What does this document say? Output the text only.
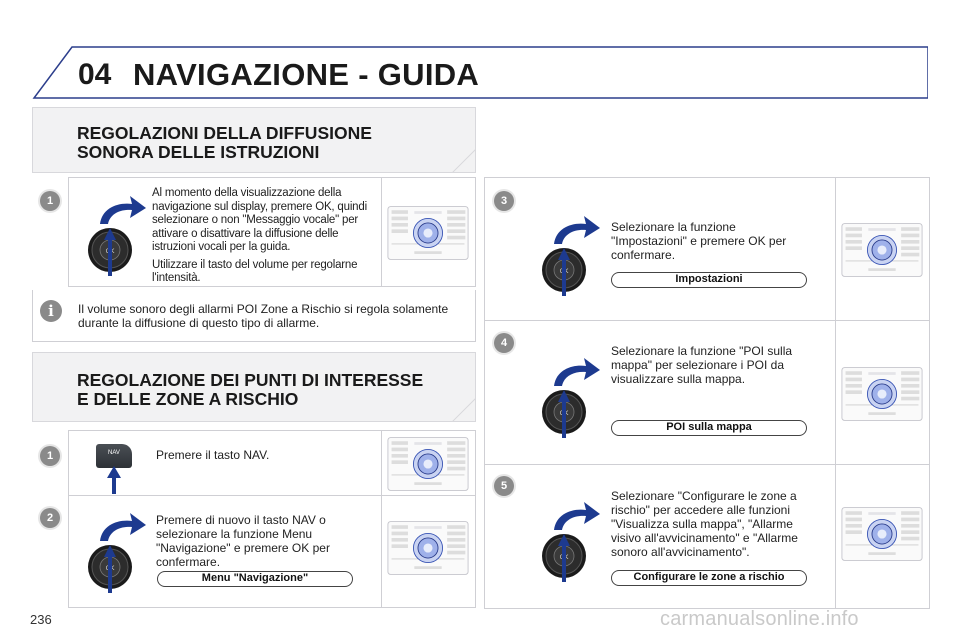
04 NAVIGAZIONE - GUIDA
REGOLAZIONI DELLA DIFFUSIONE
SONORA DELLE ISTRUZIONI
1
Al momento della visualizzazione della navigazione sul display, premere OK, quindi selezionare o non "Messaggio vocale" per attivare o disattivare la diffusione delle istruzioni vocali per la guida.
Utilizzare il tasto del volume per regolarne l'intensità.
i	Il volume sonoro degli allarmi POI Zone a Rischio si regola solamente durante la diffusione di questo tipo di allarme.
REGOLAZIONE DEI PUNTI DI INTERESSE
E DELLE ZONE A RISCHIO
1	NAV	Premere il tasto NAV.
2	Premere di nuovo il tasto NAV o selezionare la funzione Menu "Navigazione" e premere OK per confermare.
Menu "Navigazione"
3
Selezionare la funzione "Impostazioni" e premere OK per confermare.
Impostazioni
4
Selezionare la funzione "POI sulla mappa" per selezionare i POI da visualizzare sulla mappa.
POI sulla mappa
5
Selezionare "Configurare le zone a rischio" per accedere alle funzioni "Visualizza sulla mappa", "Allarme visivo all'avvicinamento" e "Allarme sonoro all'avvicinamento".
Configurare le zone a rischio
236	carmanualsonline.info
